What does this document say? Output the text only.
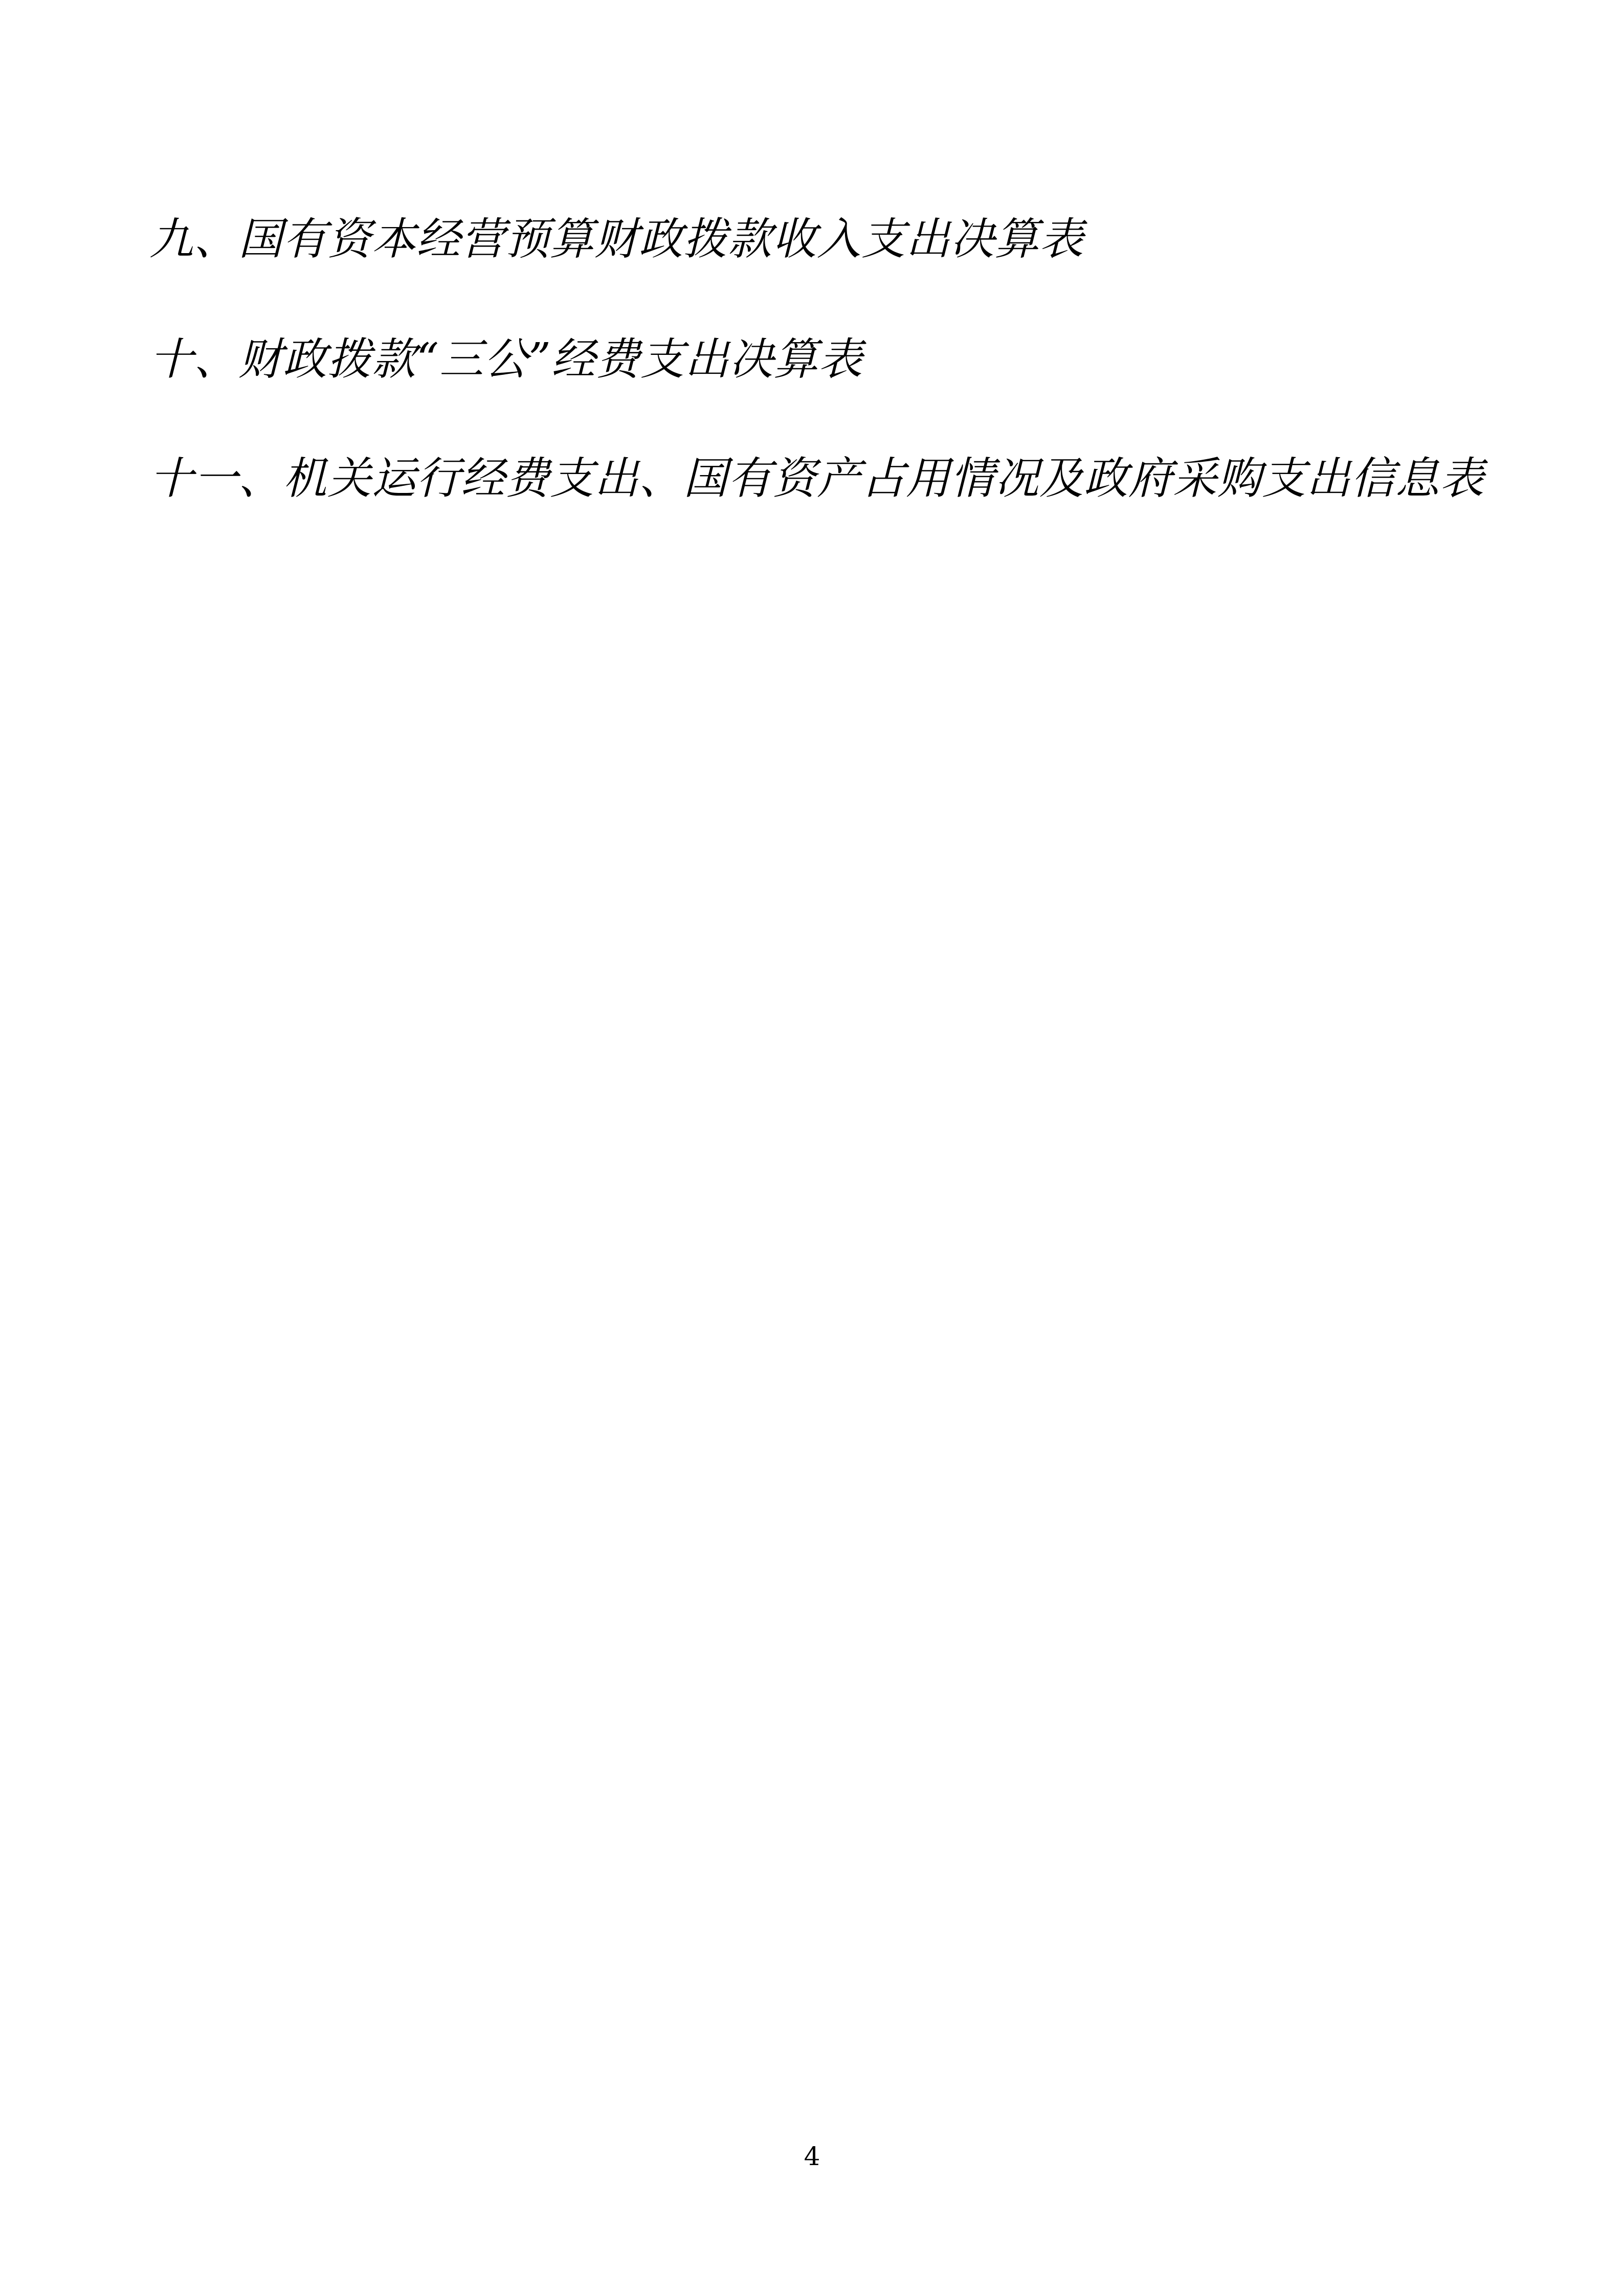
九、国有资本经营预算财政拨款收入支出决算表
十、财政拨款“三公”经费支出决算表
十一、机关运行经费支出、国有资产占用情况及政府采购支出信息表
4
